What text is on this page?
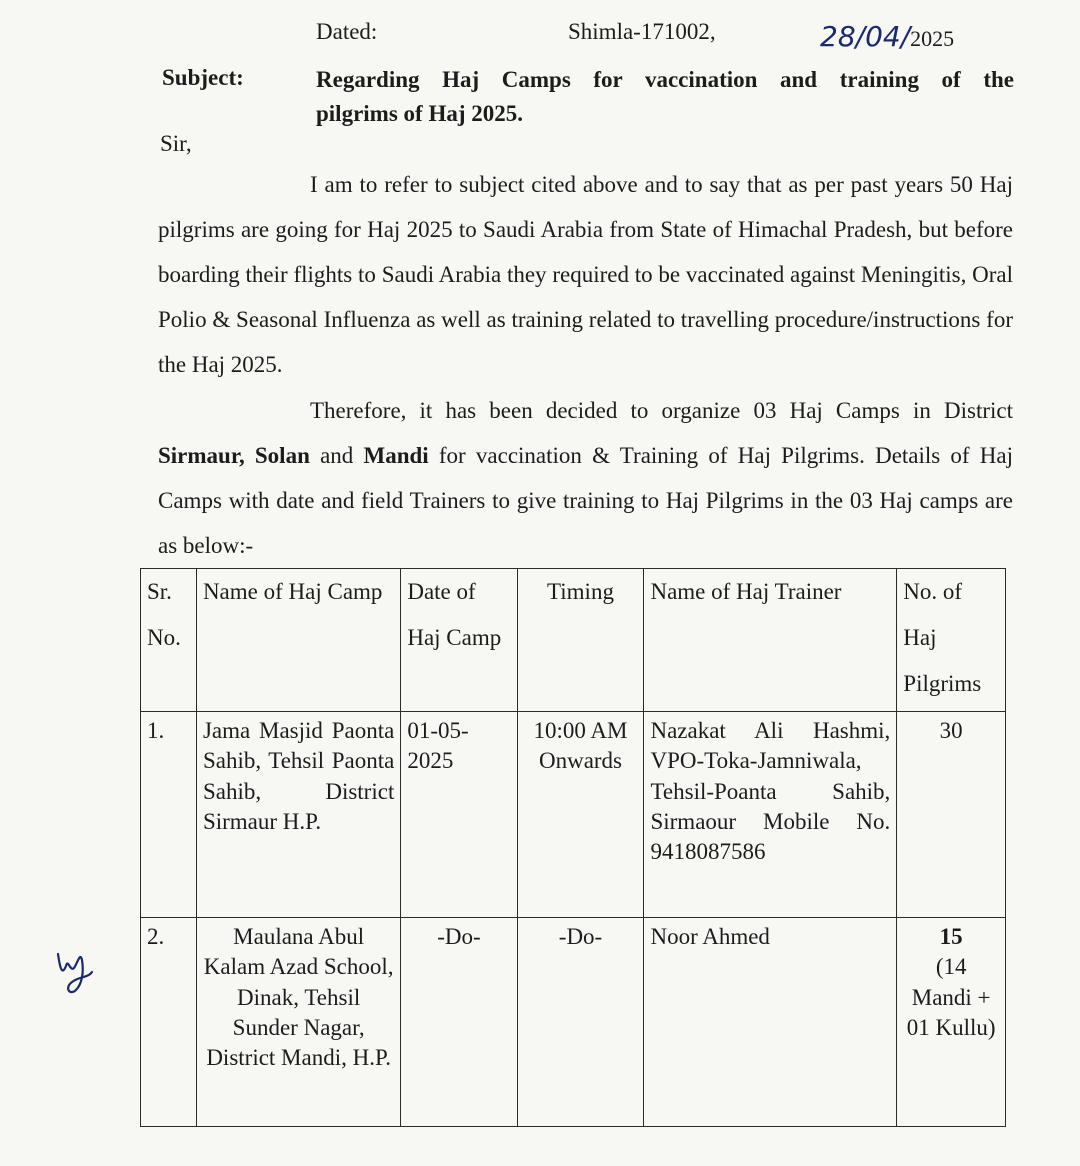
Dated:	Shimla-171002,	28/04/2025
Subject:	Regarding Haj Camps for vaccination and training of the
pilgrims of Haj 2025.
Sir,
I am to refer to subject cited above and to say that as per past years 50 Haj pilgrims are going for Haj 2025 to Saudi Arabia from State of Himachal Pradesh, but before boarding their flights to Saudi Arabia they required to be vaccinated against Meningitis, Oral Polio & Seasonal Influenza as well as training related to travelling procedure/instructions for the Haj 2025.
Therefore, it has been decided to organize 03 Haj Camps in District Sirmaur, Solan and Mandi for vaccination & Training of Haj Pilgrims. Details of Haj Camps with date and field Trainers to give training to Haj Pilgrims in the 03 Haj camps are as below:-
Sr. No.	Name of Haj Camp	Date of Haj Camp	Timing	Name of Haj Trainer	No. of Haj Pilgrims
1.	Jama Masjid Paonta Sahib, Tehsil Paonta Sahib, District Sirmaur H.P.	01-05-2025	10:00 AM Onwards	Nazakat Ali Hashmi, VPO-Toka-Jamniwala, Tehsil-Poanta Sahib, Sirmaour Mobile No. 9418087586	30
2.	Maulana Abul Kalam Azad School, Dinak, Tehsil Sunder Nagar, District Mandi, H.P.	-Do-	-Do-	Noor Ahmed	15
(14 Mandi + 01 Kullu)
